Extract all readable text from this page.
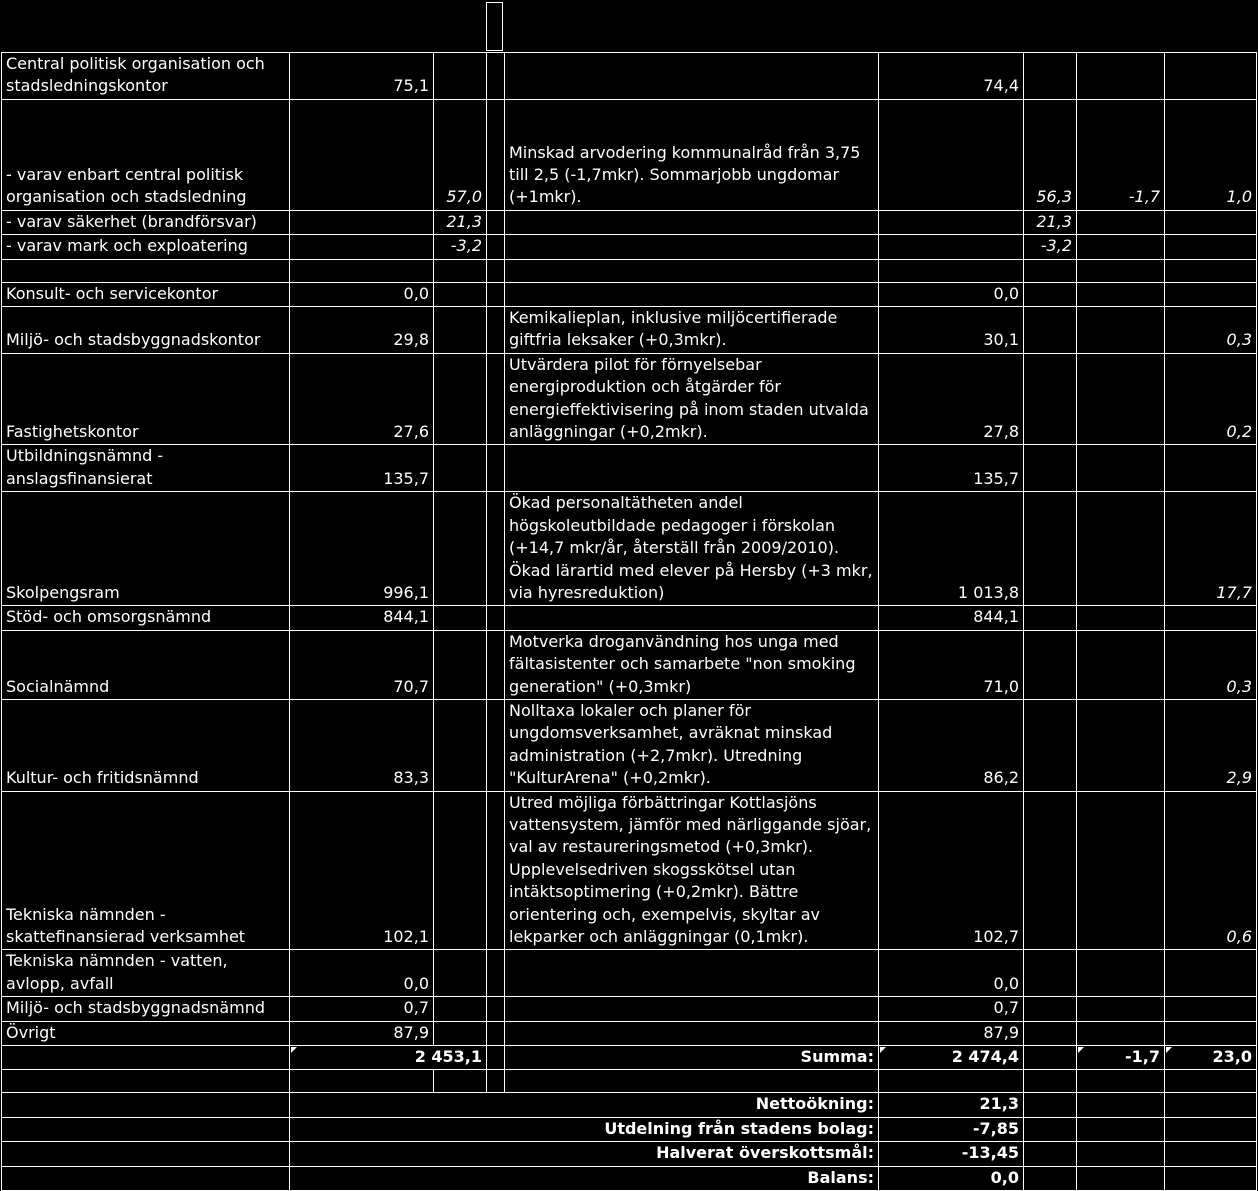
Central politisk organisation och stadsledningskontor	75,1				74,4			
- varav enbart central politisk organisation och stadsledning		57,0		Minskad arvodering kommunalråd från 3,75 till 2,5 (-1,7mkr). Sommarjobb ungdomar (+1mkr).		56,3	-1,7	1,0
- varav säkerhet (brandförsvar)		21,3				21,3		
- varav mark och exploatering		-3,2				-3,2		

Konsult- och servicekontor	0,0				0,0			
Miljö- och stadsbyggnadskontor	29,8			Kemikalieplan, inklusive miljöcertifierade giftfria leksaker (+0,3mkr).	30,1			0,3
Fastighetskontor	27,6			Utvärdera pilot för förnyelsebar energiproduktion och åtgärder för energieffektivisering på inom staden utvalda anläggningar (+0,2mkr).	27,8			0,2
Utbildningsnämnd - anslagsfinansierat	135,7				135,7			
Skolpengsram	996,1			Ökad personaltätheten andel högskoleutbildade pedagoger i förskolan (+14,7 mkr/år, återställ från 2009/2010). Ökad lärartid med elever på Hersby (+3 mkr, via hyresreduktion)	1 013,8			17,7
Stöd- och omsorgsnämnd	844,1				844,1			
Socialnämnd	70,7			Motverka droganvändning hos unga med fältasistenter och samarbete "non smoking generation" (+0,3mkr)	71,0			0,3
Kultur- och fritidsnämnd	83,3			Nolltaxa lokaler och planer för ungdomsverksamhet, avräknat minskad administration (+2,7mkr). Utredning "KulturArena" (+0,2mkr).	86,2			2,9
Tekniska nämnden - skattefinansierad verksamhet	102,1			Utred möjliga förbättringar Kottlasjöns vattensystem, jämför med närliggande sjöar, val av restaureringsmetod (+0,3mkr). Upplevelsedriven skogsskötsel utan intäktsoptimering (+0,2mkr). Bättre orientering och, exempelvis, skyltar av lekparker och anläggningar (0,1mkr).	102,7			0,6
Tekniska nämnden - vatten, avlopp, avfall	0,0				0,0			
Miljö- och stadsbyggnadsnämnd	0,7				0,7			
Övrigt	87,9				87,9			
	2 453,1			Summa:	2 474,4		-1,7	23,0

	Nettoökning:				21,3			
	Utdelning från stadens bolag:				-7,85			
	Halverat överskottsmål:				-13,45			
	Balans:				0,0			
